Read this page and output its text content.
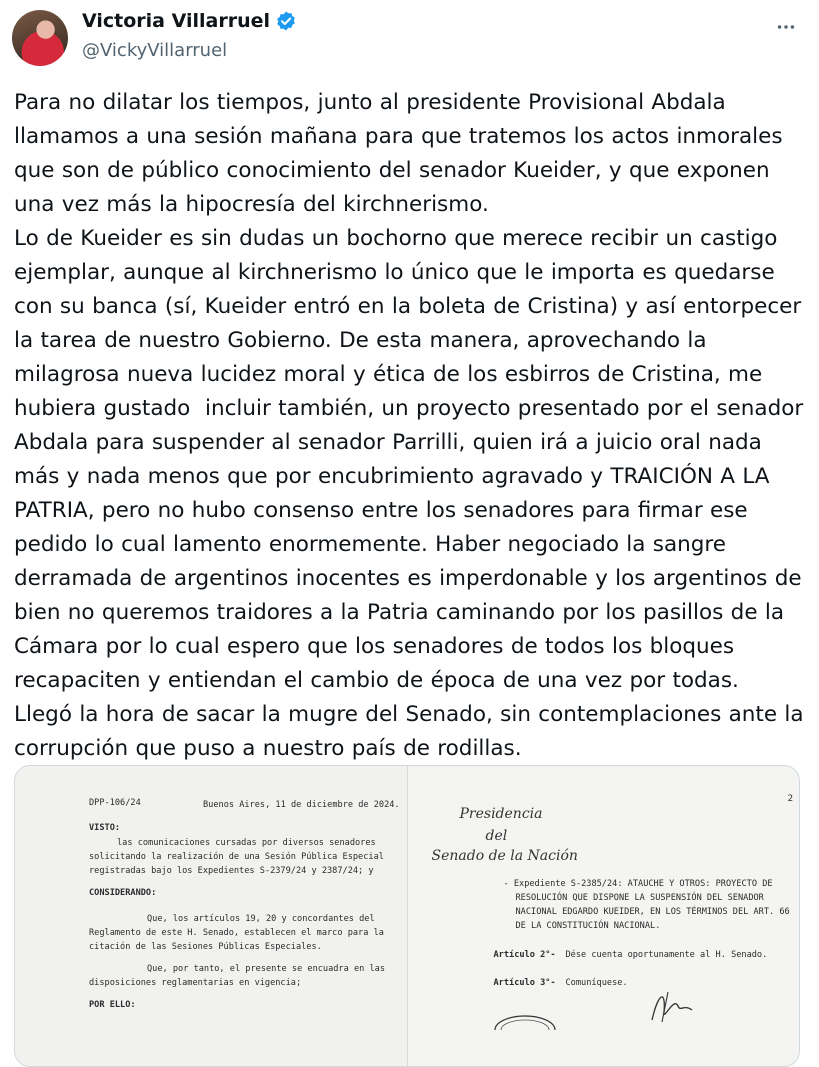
Victoria Villarruel
@VickyVillarruel

Para no dilatar los tiempos, junto al presidente Provisional Abdala llamamos a una sesión mañana para que tratemos los actos inmorales que son de público conocimiento del senador Kueider, y que exponen una vez más la hipocresía del kirchnerismo.
Lo de Kueider es sin dudas un bochorno que merece recibir un castigo ejemplar, aunque al kirchnerismo lo único que le importa es quedarse con su banca (sí, Kueider entró en la boleta de Cristina) y así entorpecer la tarea de nuestro Gobierno. De esta manera, aprovechando la milagrosa nueva lucidez moral y ética de los esbirros de Cristina, me hubiera gustado  incluir también, un proyecto presentado por el senador Abdala para suspender al senador Parrilli, quien irá a juicio oral nada más y nada menos que por encubrimiento agravado y TRAICIÓN A LA PATRIA, pero no hubo consenso entre los senadores para firmar ese pedido lo cual lamento enormemente. Haber negociado la sangre derramada de argentinos inocentes es imperdonable y los argentinos de bien no queremos traidores a la Patria caminando por los pasillos de la Cámara por lo cual espero que los senadores de todos los bloques recapaciten y entiendan el cambio de época de una vez por todas.
Llegó la hora de sacar la mugre del Senado, sin contemplaciones ante la corrupción que puso a nuestro país de rodillas.

DPP-106/24	Buenos Aires, 11 de diciembre de 2024.
VISTO:
las comunicaciones cursadas por diversos senadores
solicitando la realización de una Sesión Pública Especial
registradas bajo los Expedientes S-2379/24 y 2387/24; y
CONSIDERANDO:
Que, los artículos 19, 20 y concordantes del
Reglamento de este H. Senado, establecen el marco para la
citación de las Sesiones Públicas Especiales.
Que, por tanto, el presente se encuadra en las
disposiciones reglamentarias en vigencia;
POR ELLO:
2
Presidencia
del
Senado de la Nación
- Expediente S-2385/24: ATAUCHE Y OTROS: PROYECTO DE
RESOLUCIÓN QUE DISPONE LA SUSPENSIÓN DEL SENADOR
NACIONAL EDGARDO KUEIDER, EN LOS TÉRMINOS DEL ART. 66
DE LA CONSTITUCIÓN NACIONAL.
Artículo 2°- Dése cuenta oportunamente al H. Senado.
Artículo 3°- Comuníquese.
